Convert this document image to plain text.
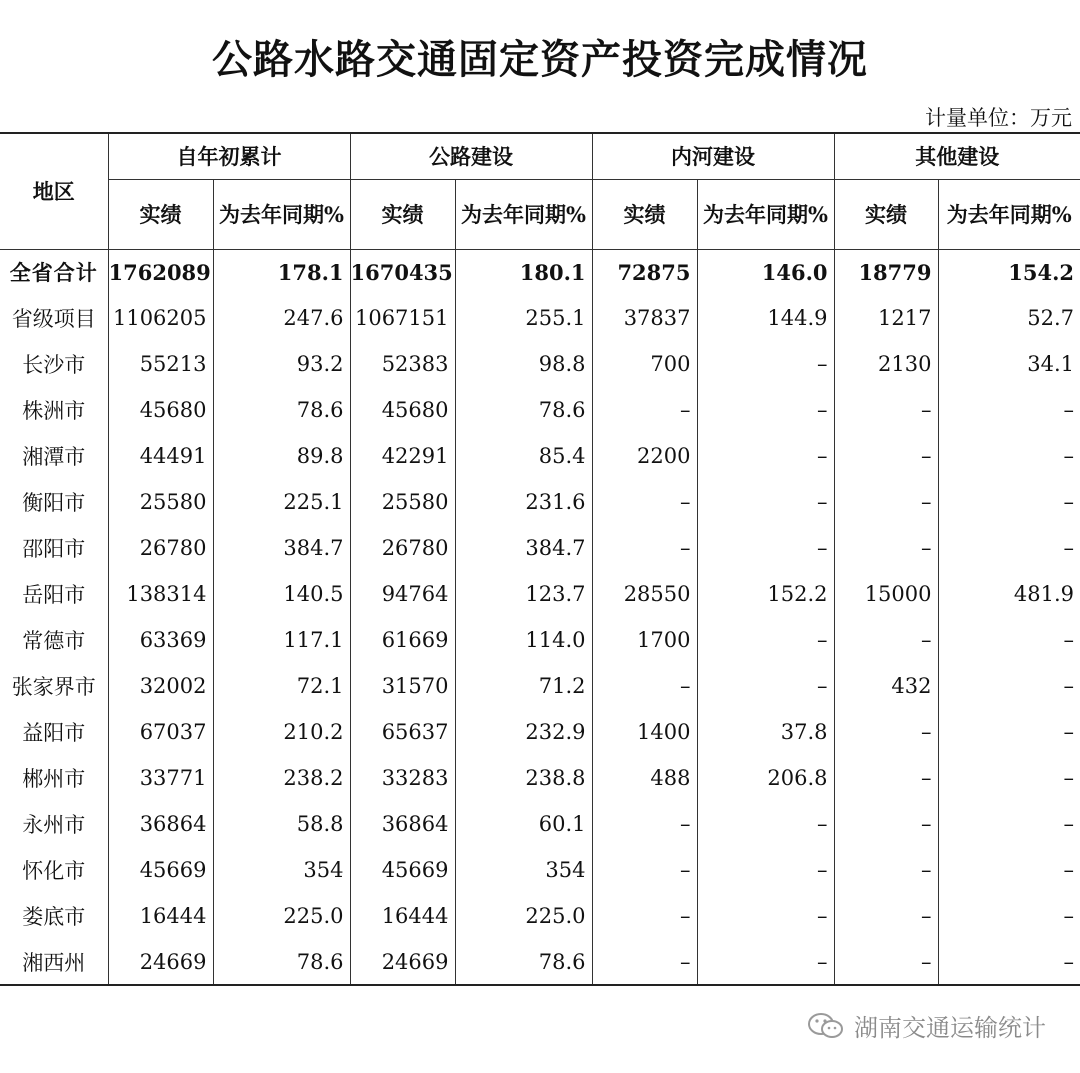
公路水路交通固定资产投资完成情况
计量单位：万元
地区	自年初累计		公路建设		内河建设		其他建设	
	实绩	为去年同期%	实绩	为去年同期%	实绩	为去年同期%	实绩	为去年同期%
全省合计	1762089	178.1	1670435	180.1	72875	146.0	18779	154.2
省级项目	1106205	247.6	1067151	255.1	37837	144.9	1217	52.7
长沙市	55213	93.2	52383	98.8	700	–	2130	34.1
株洲市	45680	78.6	45680	78.6	–	–	–	–
湘潭市	44491	89.8	42291	85.4	2200	–	–	–
衡阳市	25580	225.1	25580	231.6	–	–	–	–
邵阳市	26780	384.7	26780	384.7	–	–	–	–
岳阳市	138314	140.5	94764	123.7	28550	152.2	15000	481.9
常德市	63369	117.1	61669	114.0	1700	–	–	–
张家界市	32002	72.1	31570	71.2	–	–	432	–
益阳市	67037	210.2	65637	232.9	1400	37.8	–	–
郴州市	33771	238.2	33283	238.8	488	206.8	–	–
永州市	36864	58.8	36864	60.1	–	–	–	–
怀化市	45669	354	45669	354	–	–	–	–
娄底市	16444	225.0	16444	225.0	–	–	–	–
湘西州	24669	78.6	24669	78.6	–	–	–	–
湖南交通运输统计
